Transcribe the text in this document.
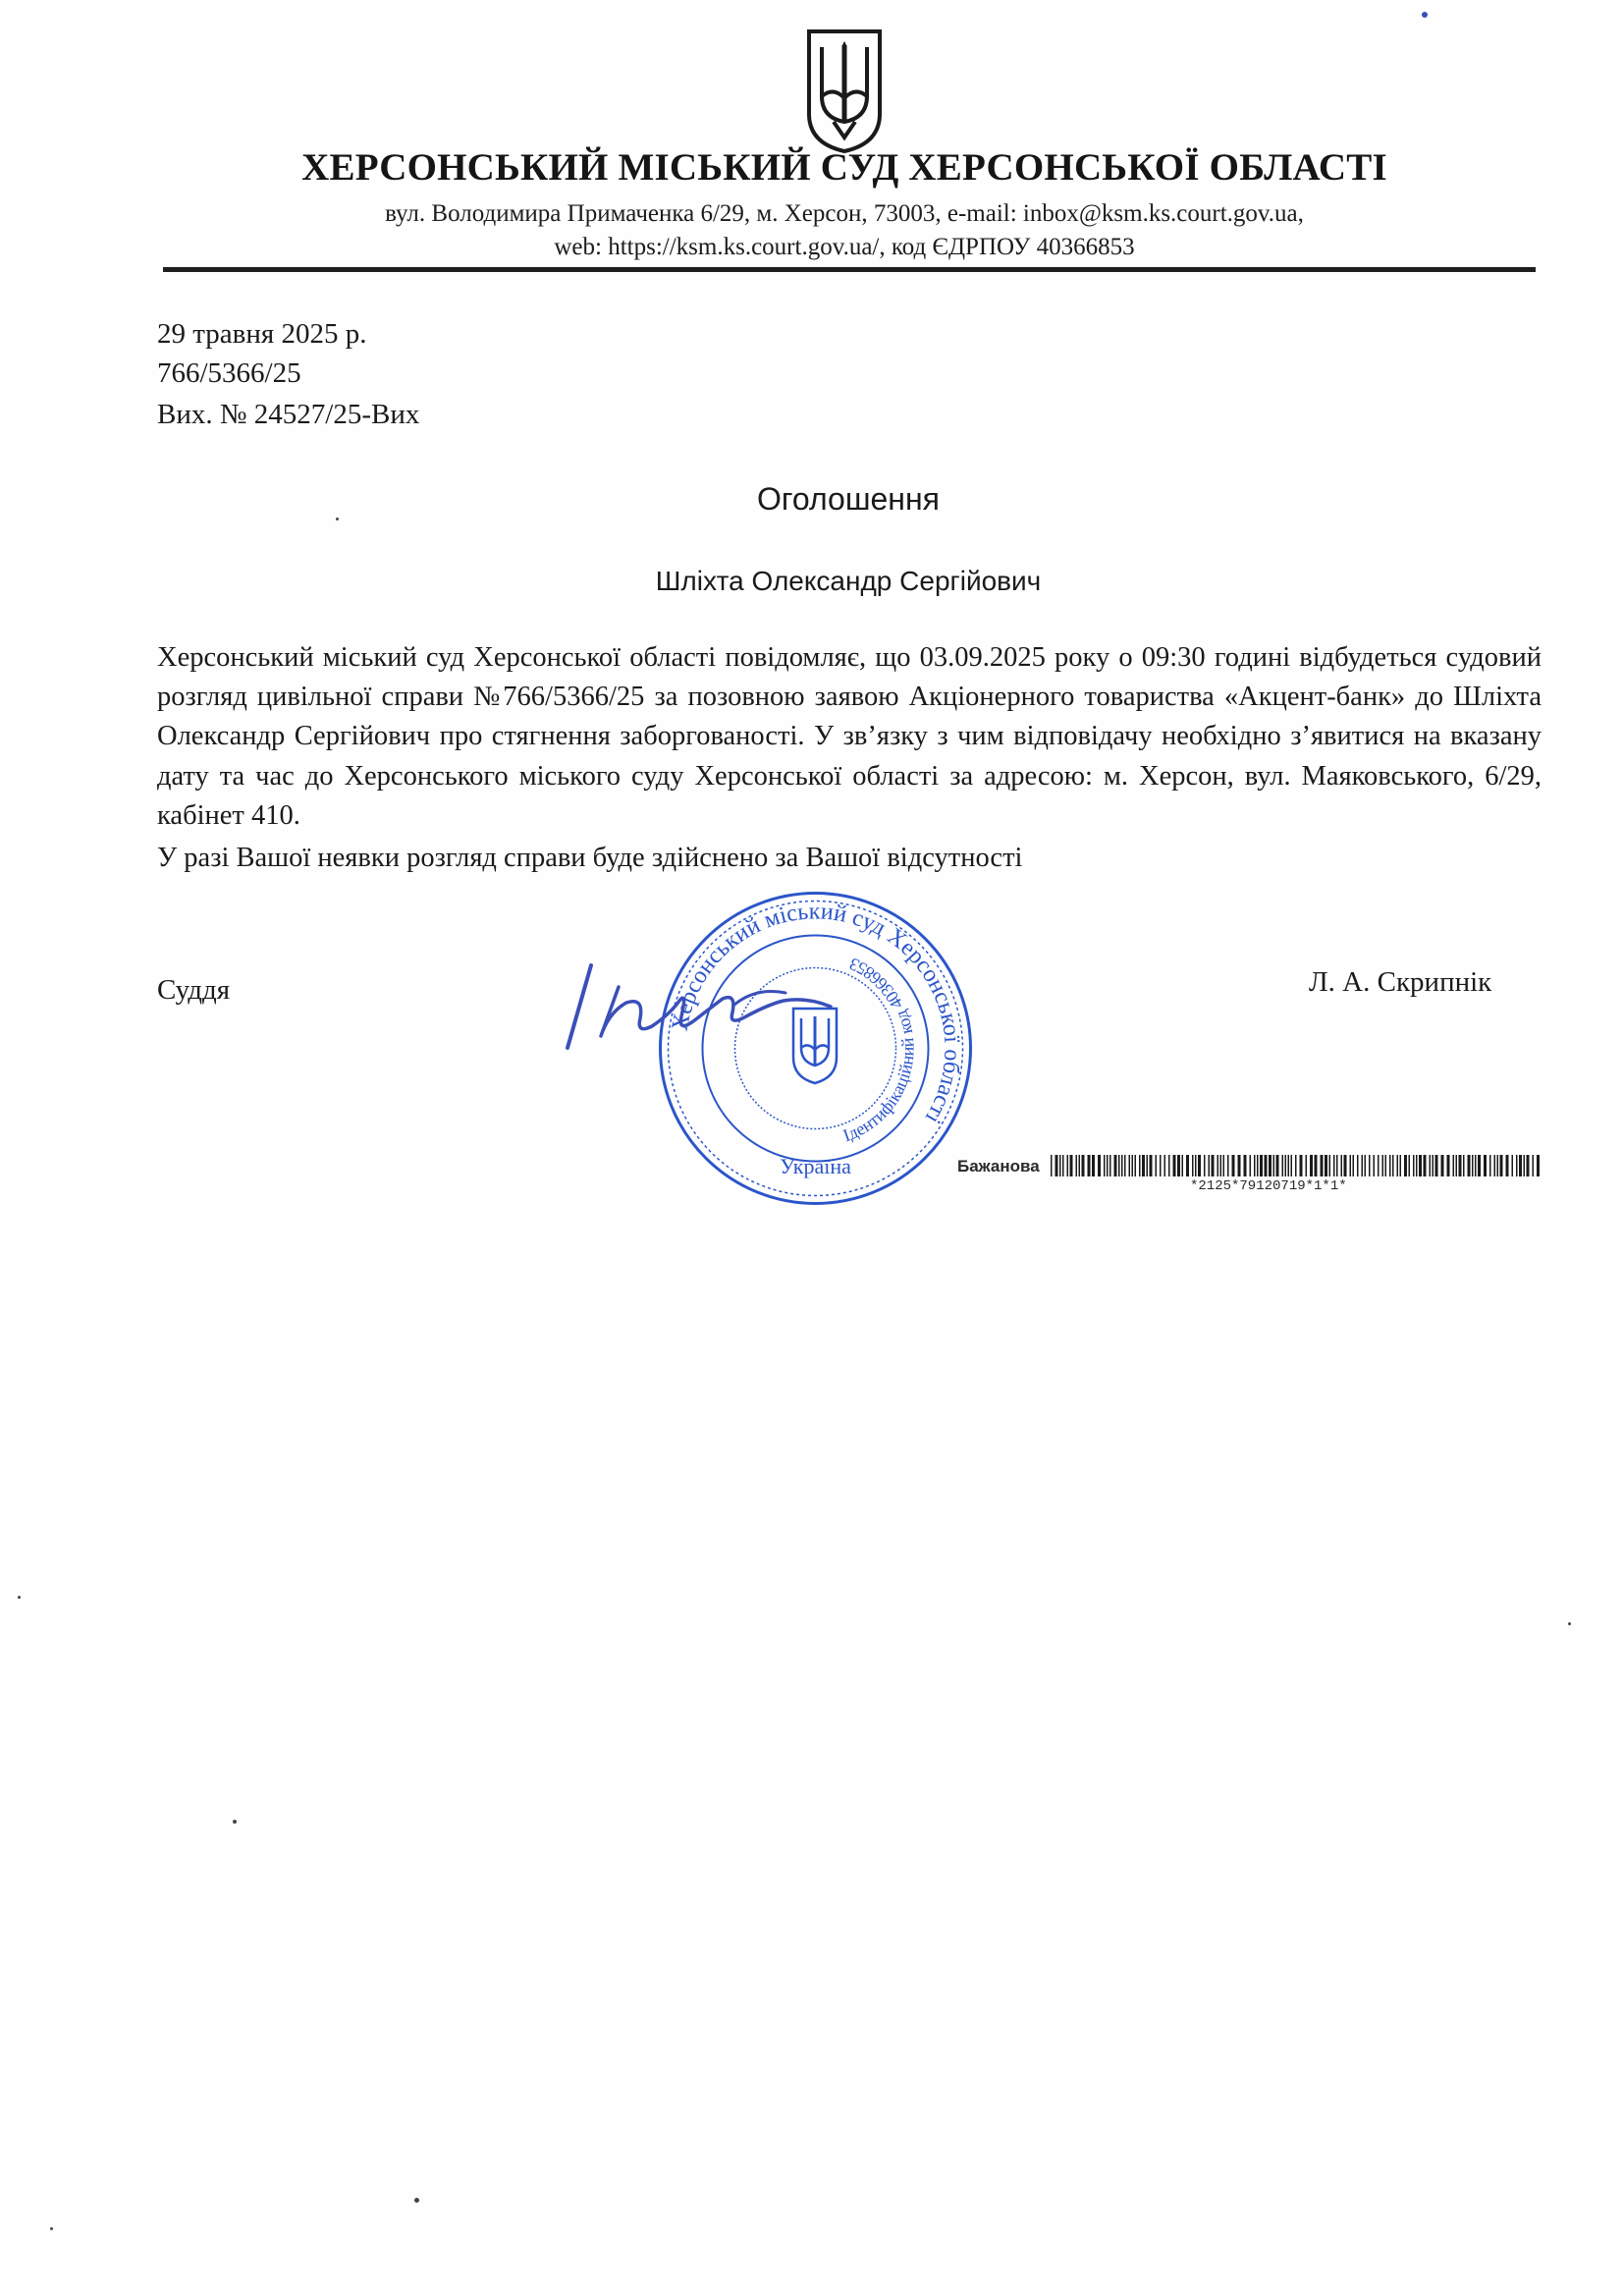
ХЕРСОНСЬКИЙ МІСЬКИЙ СУД ХЕРСОНСЬКОЇ ОБЛАСТІ
вул. Володимира Примаченка 6/29, м. Херсон, 73003, e-mail: inbox@ksm.ks.court.gov.ua,
web: https://ksm.ks.court.gov.ua/, код ЄДРПОУ 40366853
29 травня 2025 р.
766/5366/25
Вих. № 24527/25-Вих
Оголошення
Шліхта Олександр Сергійович
Херсонський міський суд Херсонської області повідомляє, що 03.09.2025 року о 09:30 годині відбудеться судовий розгляд цивільної справи №766/5366/25 за позовною заявою Акціонерного товариства «Акцент-банк» до Шліхта Олександр Сергійович про стягнення заборгованості. У зв’язку з чим відповідачу необхідно з’явитися на вказану дату та час до Херсонського міського суду Херсонської області за адресою: м. Херсон, вул. Маяковського, 6/29, кабінет 410.
У разі Вашої неявки розгляд справи буде здійснено за Вашої відсутності
Суддя	Л. А. Скрипнік
Херсонський міський суд Херсонської області
Ідентифікаційний код 40366853
Україна	Бажанова
*2125*7912071​9*1*1*
